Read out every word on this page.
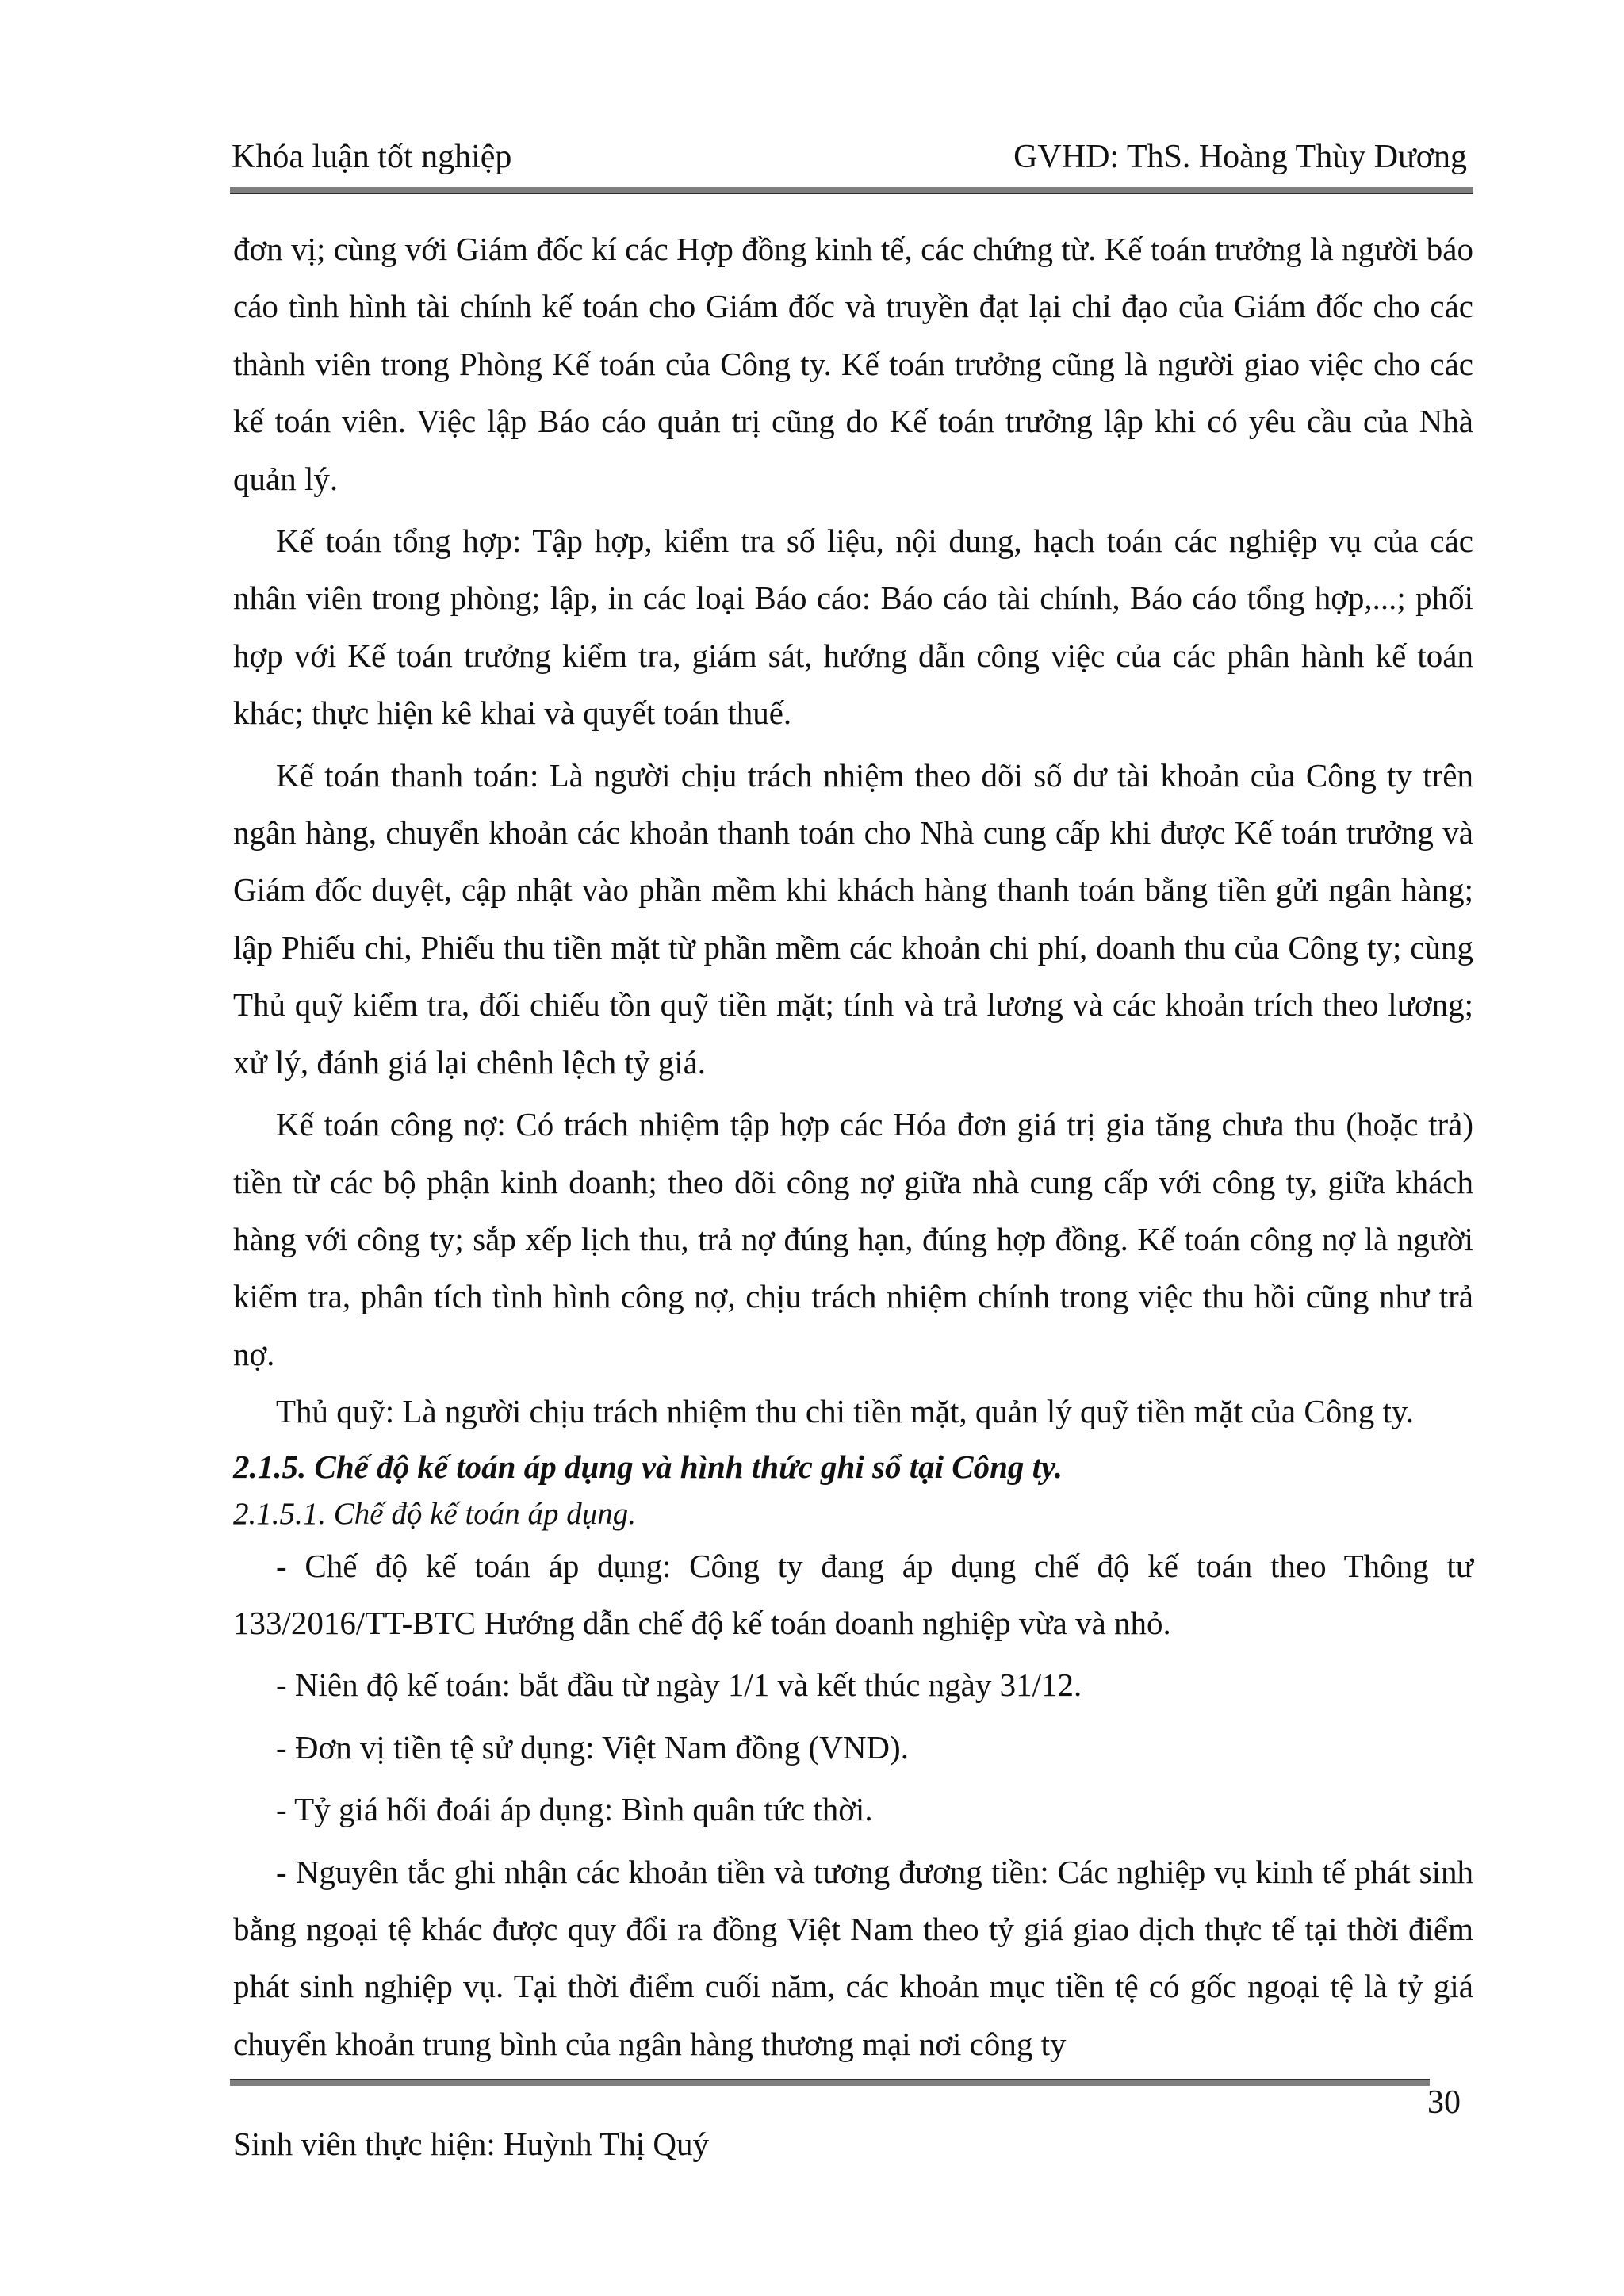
Khóa luận tốt nghiệp	GVHD: ThS. Hoàng Thùy Dương

đơn vị; cùng với Giám đốc kí các Hợp đồng kinh tế, các chứng từ. Kế toán trưởng là người báo cáo tình hình tài chính kế toán cho Giám đốc và truyền đạt lại chỉ đạo của Giám đốc cho các thành viên trong Phòng Kế toán của Công ty. Kế toán trưởng cũng là người giao việc cho các kế toán viên. Việc lập Báo cáo quản trị cũng do Kế toán trưởng lập khi có yêu cầu của Nhà quản lý.

Kế toán tổng hợp: Tập hợp, kiểm tra số liệu, nội dung, hạch toán các nghiệp vụ của các nhân viên trong phòng; lập, in các loại Báo cáo: Báo cáo tài chính, Báo cáo tổng hợp,...; phối hợp với Kế toán trưởng kiểm tra, giám sát, hướng dẫn công việc của các phân hành kế toán khác; thực hiện kê khai và quyết toán thuế.

Kế toán thanh toán: Là người chịu trách nhiệm theo dõi số dư tài khoản của Công ty trên ngân hàng, chuyển khoản các khoản thanh toán cho Nhà cung cấp khi được Kế toán trưởng và Giám đốc duyệt, cập nhật vào phần mềm khi khách hàng thanh toán bằng tiền gửi ngân hàng; lập Phiếu chi, Phiếu thu tiền mặt từ phần mềm các khoản chi phí, doanh thu của Công ty; cùng Thủ quỹ kiểm tra, đối chiếu tồn quỹ tiền mặt; tính và trả lương và các khoản trích theo lương; xử lý, đánh giá lại chênh lệch tỷ giá.

Kế toán công nợ: Có trách nhiệm tập hợp các Hóa đơn giá trị gia tăng chưa thu (hoặc trả) tiền từ các bộ phận kinh doanh; theo dõi công nợ giữa nhà cung cấp với công ty, giữa khách hàng với công ty; sắp xếp lịch thu, trả nợ đúng hạn, đúng hợp đồng. Kế toán công nợ là người kiểm tra, phân tích tình hình công nợ, chịu trách nhiệm chính trong việc thu hồi cũng như trả nợ.

Thủ quỹ: Là người chịu trách nhiệm thu chi tiền mặt, quản lý quỹ tiền mặt của Công ty.

2.1.5. Chế độ kế toán áp dụng và hình thức ghi sổ tại Công ty.
2.1.5.1. Chế độ kế toán áp dụng.

- Chế độ kế toán áp dụng: Công ty đang áp dụng chế độ kế toán theo Thông tư 133/2016/TT-BTC Hướng dẫn chế độ kế toán doanh nghiệp vừa và nhỏ.

- Niên độ kế toán: bắt đầu từ ngày 1/1 và kết thúc ngày 31/12.

- Đơn vị tiền tệ sử dụng: Việt Nam đồng (VND).

- Tỷ giá hối đoái áp dụng: Bình quân tức thời.

- Nguyên tắc ghi nhận các khoản tiền và tương đương tiền: Các nghiệp vụ kinh tế phát sinh bằng ngoại tệ khác được quy đổi ra đồng Việt Nam theo tỷ giá giao dịch thực tế tại thời điểm phát sinh nghiệp vụ. Tại thời điểm cuối năm, các khoản mục tiền tệ có gốc ngoại tệ là tỷ giá chuyển khoản trung bình của ngân hàng thương mại nơi công ty

30
Sinh viên thực hiện: Huỳnh Thị Quý
